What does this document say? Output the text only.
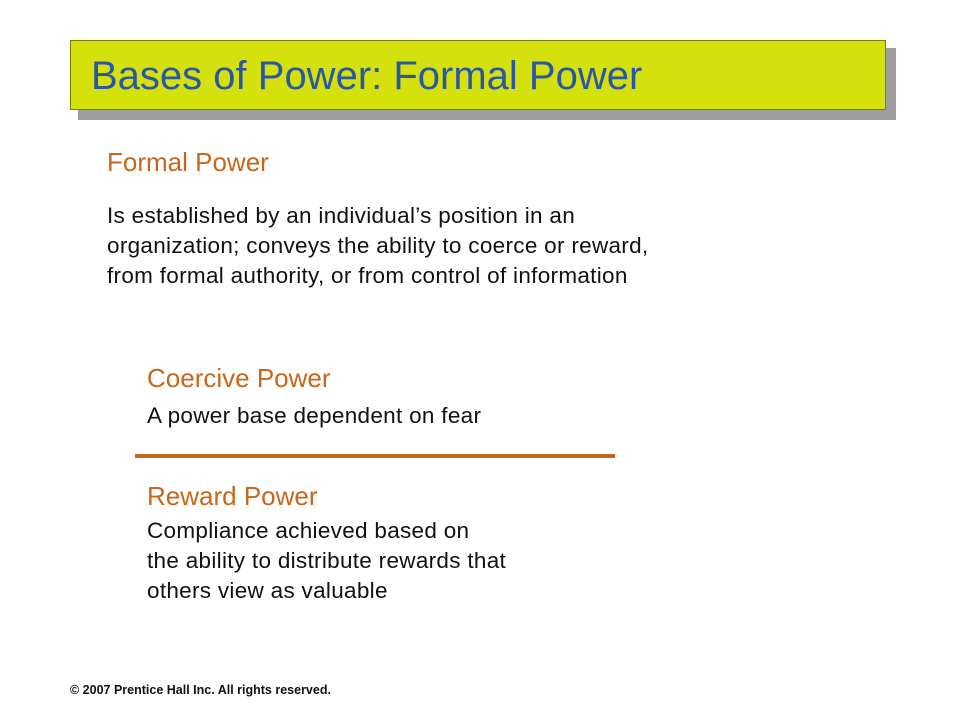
Bases of Power: Formal Power
Formal Power
Is established by an individual’s position in an
organization; conveys the ability to coerce or reward,
from formal authority, or from control of information
Coercive Power
A power base dependent on fear
Reward Power
Compliance achieved based on
the ability to distribute rewards that
others view as valuable
© 2007 Prentice Hall Inc. All rights reserved.
